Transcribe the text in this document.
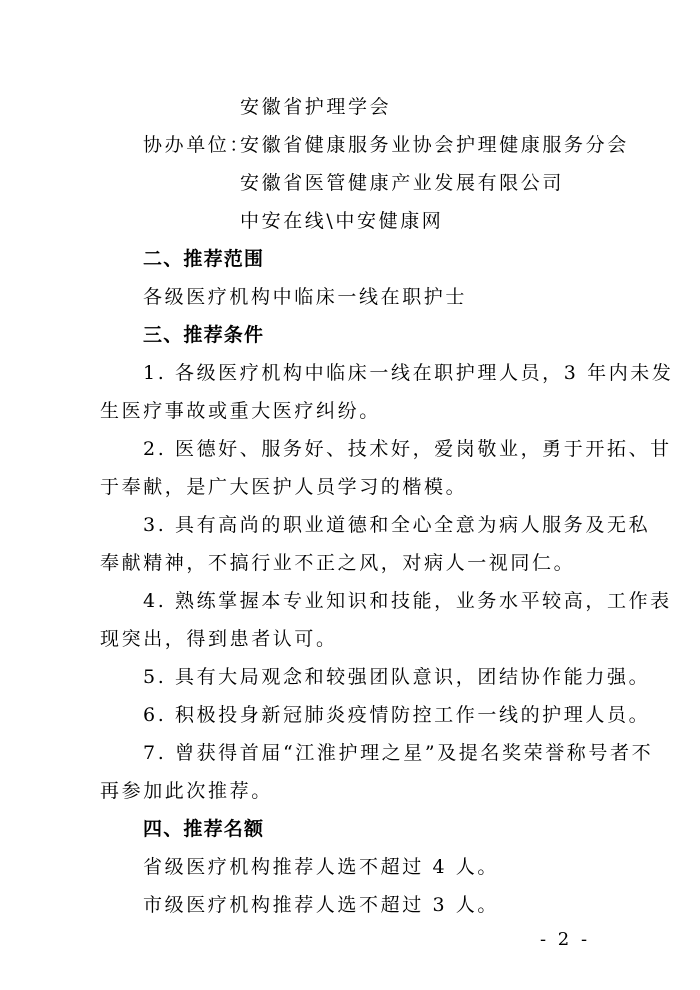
安徽省护理学会
协办单位：
安徽省健康服务业协会护理健康服务分会
安徽省医管健康产业发展有限公司
中安在线\中安健康网
二、推荐范围
各级医疗机构中临床一线在职护士
三、推荐条件
1. 各级医疗机构中临床一线在职护理人员，3 年内未发
生医疗事故或重大医疗纠纷。
2. 医德好、服务好、技术好，爱岗敬业，勇于开拓、甘
于奉献，是广大医护人员学习的楷模。
3. 具有高尚的职业道德和全心全意为病人服务及无私
奉献精神，不搞行业不正之风，对病人一视同仁。
4. 熟练掌握本专业知识和技能，业务水平较高，工作表
现突出，得到患者认可。
5. 具有大局观念和较强团队意识，团结协作能力强。
6. 积极投身新冠肺炎疫情防控工作一线的护理人员。
7. 曾获得首届“江淮护理之星”及提名奖荣誉称号者不
再参加此次推荐。
四、推荐名额
省级医疗机构推荐人选不超过 4 人。
市级医疗机构推荐人选不超过 3 人。
- 2 -
